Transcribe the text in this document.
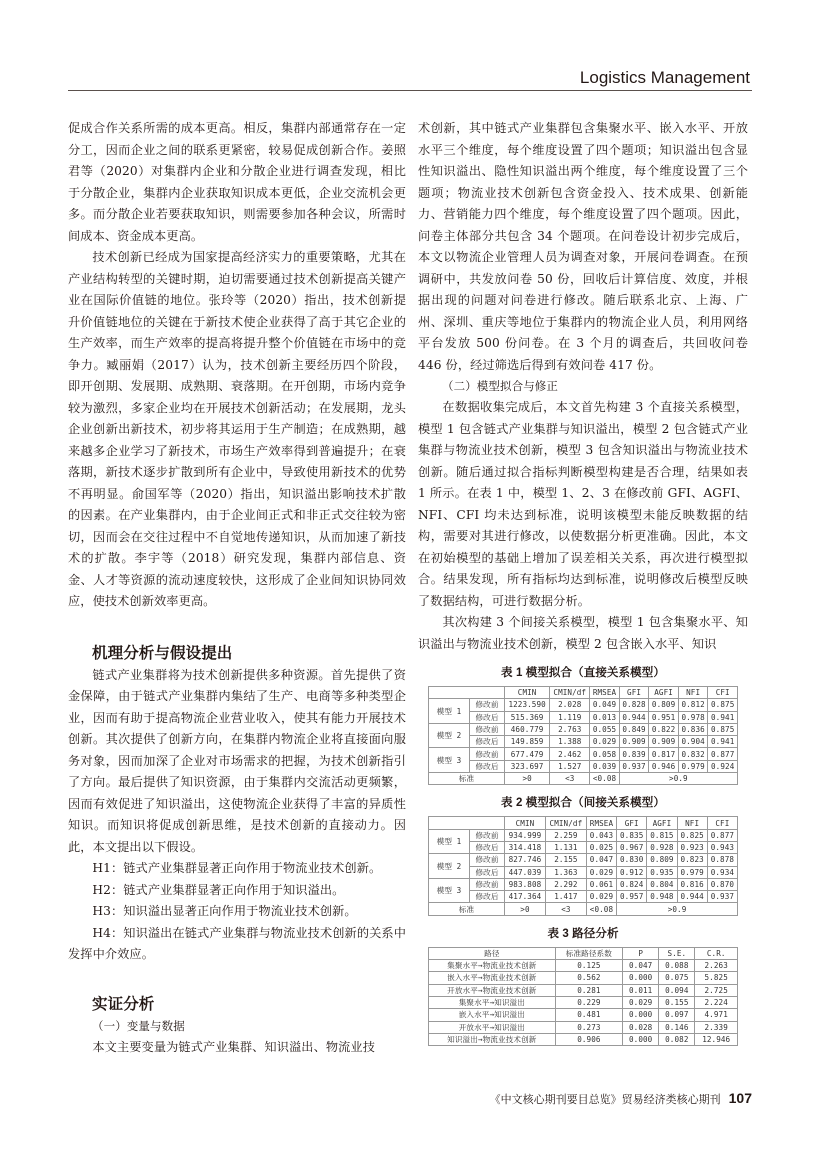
Logistics Management

促成合作关系所需的成本更高。相反，集群内部通常存在一定分工，因而企业之间的联系更紧密，较易促成创新合作。姜照君等（2020）对集群内企业和分散企业进行调查发现，相比于分散企业，集群内企业获取知识成本更低，企业交流机会更多。而分散企业若要获取知识，则需要参加各种会议，所需时间成本、资金成本更高。

技术创新已经成为国家提高经济实力的重要策略，尤其在产业结构转型的关键时期，迫切需要通过技术创新提高关键产业在国际价值链的地位。张玲等（2020）指出，技术创新提升价值链地位的关键在于新技术使企业获得了高于其它企业的生产效率，而生产效率的提高将提升整个价值链在市场中的竞争力。臧丽娟（2017）认为，技术创新主要经历四个阶段，即开创期、发展期、成熟期、衰落期。在开创期，市场内竞争较为激烈，多家企业均在开展技术创新活动；在发展期，龙头企业创新出新技术，初步将其运用于生产制造；在成熟期，越来越多企业学习了新技术，市场生产效率得到普遍提升；在衰落期，新技术逐步扩散到所有企业中，导致使用新技术的优势不再明显。俞国军等（2020）指出，知识溢出影响技术扩散的因素。在产业集群内，由于企业间正式和非正式交往较为密切，因而会在交往过程中不自觉地传递知识，从而加速了新技术的扩散。李宇等（2018）研究发现，集群内部信息、资金、人才等资源的流动速度较快，这形成了企业间知识协同效应，使技术创新效率更高。

机理分析与假设提出

链式产业集群将为技术创新提供多种资源。首先提供了资金保障，由于链式产业集群内集结了生产、电商等多种类型企业，因而有助于提高物流企业营业收入，使其有能力开展技术创新。其次提供了创新方向，在集群内物流企业将直接面向服务对象，因而加深了企业对市场需求的把握，为技术创新指引了方向。最后提供了知识资源，由于集群内交流活动更频繁，因而有效促进了知识溢出，这使物流企业获得了丰富的异质性知识。而知识将促成创新思维，是技术创新的直接动力。因此，本文提出以下假设。

H1：链式产业集群显著正向作用于物流业技术创新。

H2：链式产业集群显著正向作用于知识溢出。

H3：知识溢出显著正向作用于物流业技术创新。

H4：知识溢出在链式产业集群与物流业技术创新的关系中发挥中介效应。

实证分析
（一）变量与数据

本文主要变量为链式产业集群、知识溢出、物流业技

术创新，其中链式产业集群包含集聚水平、嵌入水平、开放水平三个维度，每个维度设置了四个题项；知识溢出包含显性知识溢出、隐性知识溢出两个维度，每个维度设置了三个题项；物流业技术创新包含资金投入、技术成果、创新能力、营销能力四个维度，每个维度设置了四个题项。因此，问卷主体部分共包含 34 个题项。在问卷设计初步完成后，本文以物流企业管理人员为调查对象，开展问卷调查。在预调研中，共发放问卷 50 份，回收后计算信度、效度，并根据出现的问题对问卷进行修改。随后联系北京、上海、广州、深圳、重庆等地位于集群内的物流企业人员，利用网络平台发放 500 份问卷。在 3 个月的调查后，共回收问卷 446 份，经过筛选后得到有效问卷 417 份。

（二）模型拟合与修正

在数据收集完成后，本文首先构建 3 个直接关系模型，模型 1 包含链式产业集群与知识溢出，模型 2 包含链式产业集群与物流业技术创新，模型 3 包含知识溢出与物流业技术创新。随后通过拟合指标判断模型构建是否合理，结果如表 1 所示。在表 1 中，模型 1、2、3 在修改前 GFI、AGFI、NFI、CFI 均未达到标准，说明该模型未能反映数据的结构，需要对其进行修改，以使数据分析更准确。因此，本文在初始模型的基础上增加了误差相关关系，再次进行模型拟合。结果发现，所有指标均达到标准，说明修改后模型反映了数据结构，可进行数据分析。

其次构建 3 个间接关系模型，模型 1 包含集聚水平、知识溢出与物流业技术创新，模型 2 包含嵌入水平、知识

表 1 模型拟合（直接关系模型）
		CMIN	CMIN/df	RMSEA	GFI	AGFI	NFI	CFI
模型 1	修改前	1223.590	2.028	0.049	0.828	0.809	0.812	0.875
	修改后	515.369	1.119	0.013	0.944	0.951	0.978	0.941
模型 2	修改前	460.779	2.763	0.055	0.849	0.822	0.836	0.875
	修改后	149.859	1.388	0.029	0.909	0.909	0.904	0.941
模型 3	修改前	677.479	2.462	0.058	0.839	0.817	0.832	0.877
	修改后	323.697	1.527	0.039	0.937	0.946	0.979	0.924
标准		>0	<3	<0.08	>0.9			
表 2 模型拟合（间接关系模型）
		CMIN	CMIN/df	RMSEA	GFI	AGFI	NFI	CFI
模型 1	修改前	934.999	2.259	0.043	0.835	0.815	0.825	0.877
	修改后	314.418	1.131	0.025	0.967	0.928	0.923	0.943
模型 2	修改前	827.746	2.155	0.047	0.830	0.809	0.823	0.878
	修改后	447.039	1.363	0.029	0.912	0.935	0.979	0.934
模型 3	修改前	983.808	2.292	0.061	0.824	0.804	0.816	0.870
	修改后	417.364	1.417	0.029	0.957	0.948	0.944	0.937
标准		>0	<3	<0.08	>0.9			
表 3 路径分析
路径	标准路径系数	P	S.E.	C.R.
集聚水平→物流业技术创新	0.125	0.047	0.088	2.263
嵌入水平→物流业技术创新	0.562	0.000	0.075	5.825
开放水平→物流业技术创新	0.281	0.011	0.094	2.725
集聚水平→知识溢出	0.229	0.029	0.155	2.224
嵌入水平→知识溢出	0.481	0.000	0.097	4.971
开放水平→知识溢出	0.273	0.028	0.146	2.339
知识溢出→物流业技术创新	0.906	0.000	0.082	12.946
《中文核心期刊要目总览》贸易经济类核心期刊 107
